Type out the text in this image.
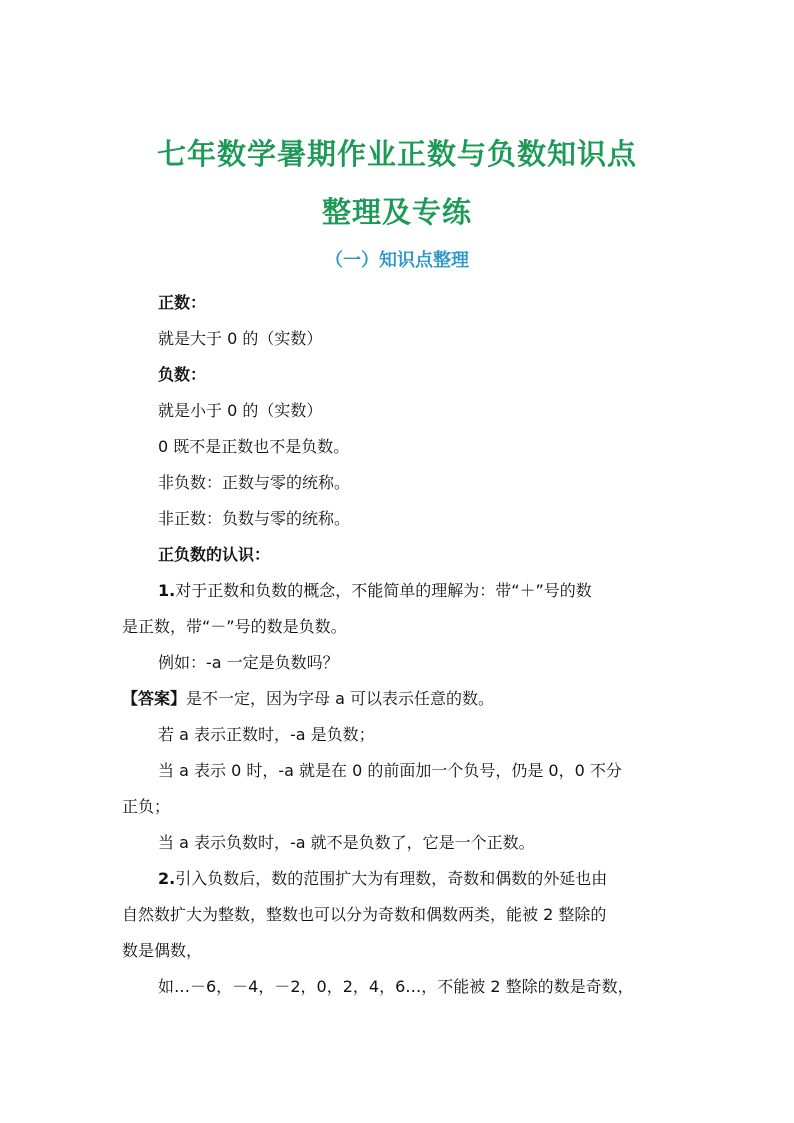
七年数学暑期作业正数与负数知识点
整理及专练
（一）知识点整理
正数：
就是大于 0 的（实数）
负数：
就是小于 0 的（实数）
0 既不是正数也不是负数。
非负数：正数与零的统称。
非正数：负数与零的统称。
正负数的认识：
1.对于正数和负数的概念，不能简单的理解为：带“＋”号的数
是正数，带“－”号的数是负数。
例如：-a 一定是负数吗？
【答案】是不一定，因为字母 a 可以表示任意的数。
若 a 表示正数时，-a 是负数；
当 a 表示 0 时，-a 就是在 0 的前面加一个负号，仍是 0，0 不分
正负；
当 a 表示负数时，-a 就不是负数了，它是一个正数。
2.引入负数后，数的范围扩大为有理数，奇数和偶数的外延也由
自然数扩大为整数，整数也可以分为奇数和偶数两类，能被 2 整除的
数是偶数，
如…－6，－4，－2，0，2，4，6…，不能被 2 整除的数是奇数，
